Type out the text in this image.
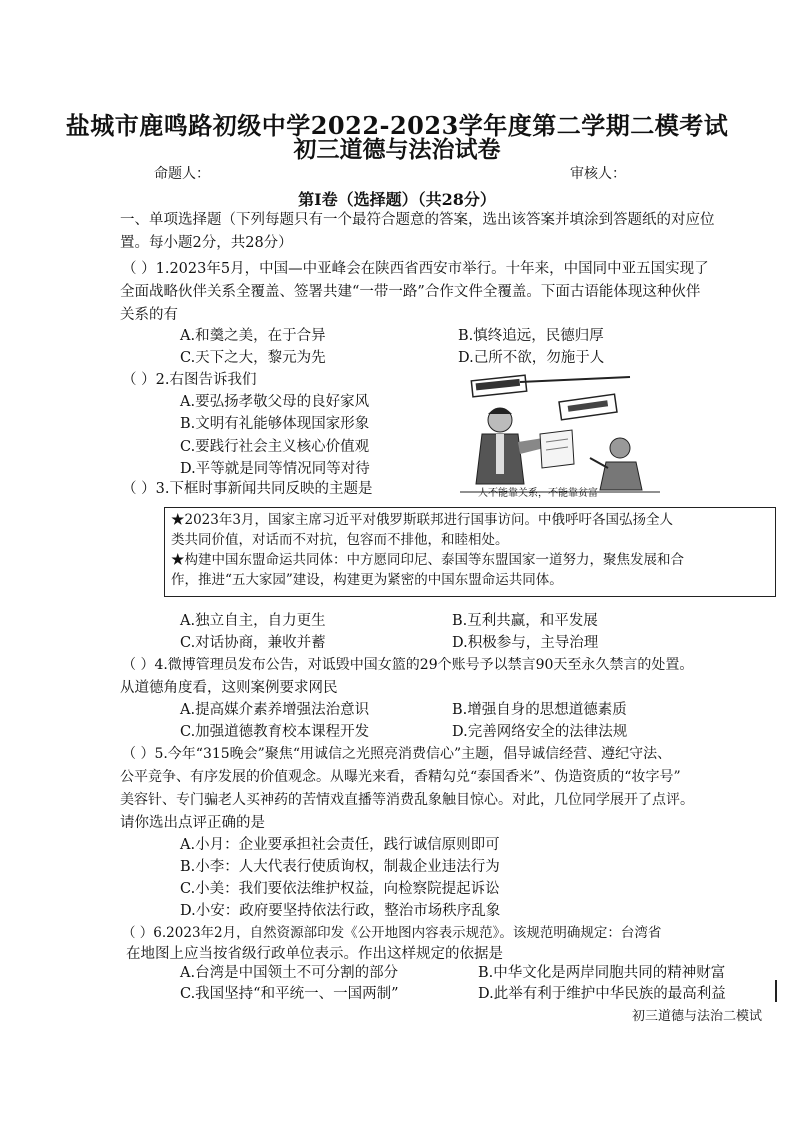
盐城市鹿鸣路初级中学2022-2023学年度第二学期二模考试
初三道德与法治试卷
命题人：	审核人：
第Ⅰ卷（选择题）（共28分）
一、单项选择题（下列每题只有一个最符合题意的答案，选出该答案并填涂到答题纸的对应位
置。每小题2分，共28分）
（ ）1.2023年5月，中国—中亚峰会在陕西省西安市举行。十年来，中国同中亚五国实现了
全面战略伙伴关系全覆盖、签署共建“一带一路”合作文件全覆盖。下面古语能体现这种伙伴
关系的有
A.和羹之美，在于合异	B.慎终追远，民德归厚
C.天下之大，黎元为先	D.己所不欲，勿施于人
（ ）2.右图告诉我们
A.要弘扬孝敬父母的良好家风
B.文明有礼能够体现国家形象
C.要践行社会主义核心价值观
D.平等就是同等情况同等对待
人不能靠关系，不能靠贫富
（ ）3.下框时事新闻共同反映的主题是
★2023年3月，国家主席习近平对俄罗斯联邦进行国事访问。中俄呼吁各国弘扬全人
类共同价值，对话而不对抗，包容而不排他，和睦相处。
★构建中国东盟命运共同体：中方愿同印尼、泰国等东盟国家一道努力，聚焦发展和合
作，推进“五大家园”建设，构建更为紧密的中国东盟命运共同体。
A.独立自主，自力更生	B.互利共赢，和平发展
C.对话协商，兼收并蓄	D.积极参与，主导治理
（ ）4.微博管理员发布公告，对诋毁中国女篮的29个账号予以禁言90天至永久禁言的处置。
从道德角度看，这则案例要求网民
A.提高媒介素养增强法治意识	B.增强自身的思想道德素质
C.加强道德教育校本课程开发	D.完善网络安全的法律法规
（ ）5.今年“315晚会”聚焦“用诚信之光照亮消费信心”主题，倡导诚信经营、遵纪守法、
公平竞争、有序发展的价值观念。从曝光来看，香精勾兑“泰国香米”、伪造资质的“妆字号”
美容针、专门骗老人买神药的苦情戏直播等消费乱象触目惊心。对此，几位同学展开了点评。
请你选出点评正确的是
A.小月：企业要承担社会责任，践行诚信原则即可
B.小李：人大代表行使质询权，制裁企业违法行为
C.小美：我们要依法维护权益，向检察院提起诉讼
D.小安：政府要坚持依法行政，整治市场秩序乱象
（ ）6.2023年2月，自然资源部印发《公开地图内容表示规范》。该规范明确规定：台湾省
在地图上应当按省级行政单位表示。作出这样规定的依据是
A.台湾是中国领土不可分割的部分	B.中华文化是两岸同胞共同的精神财富
C.我国坚持“和平统一、一国两制”	D.此举有利于维护中华民族的最高利益
初三道德与法治二模试
